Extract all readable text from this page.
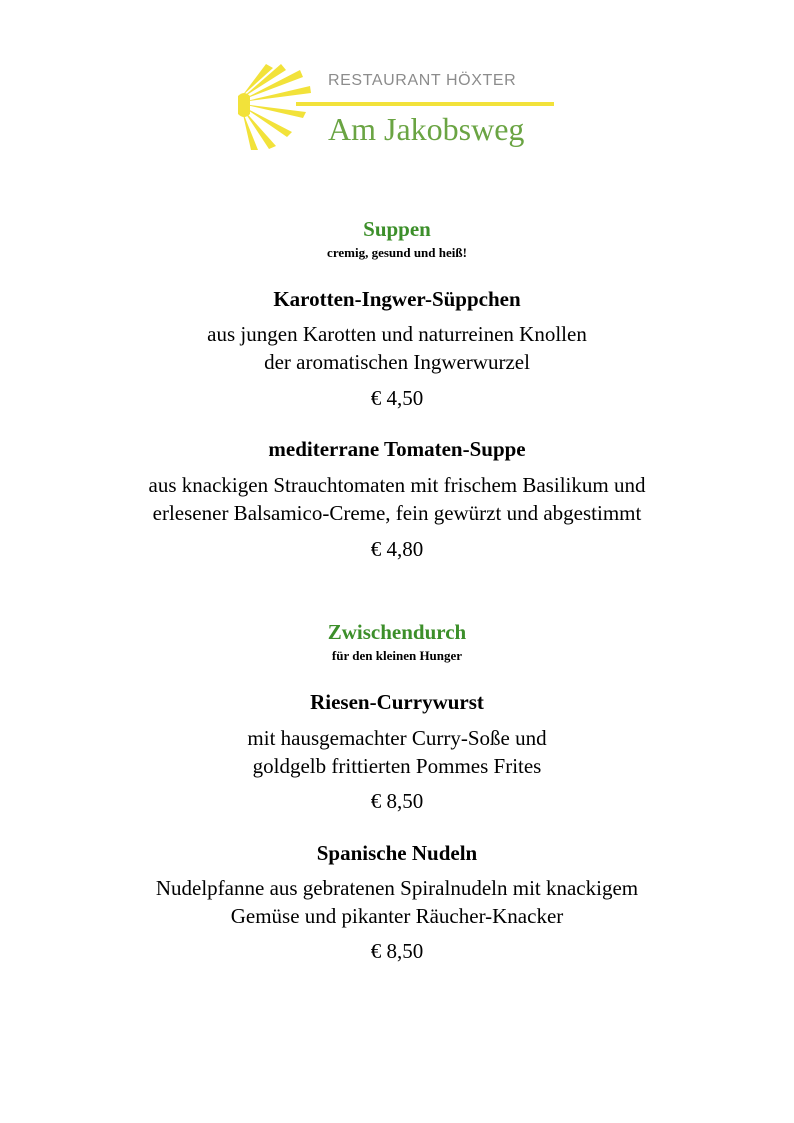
RESTAURANT HÖXTER
Am Jakobsweg
Suppen
cremig, gesund und heiß!
Karotten-Ingwer-Süppchen
aus jungen Karotten und naturreinen Knollen
der aromatischen Ingwerwurzel
€ 4,50
mediterrane Tomaten-Suppe
aus knackigen Strauchtomaten mit frischem Basilikum und
erlesener Balsamico-Creme, fein gewürzt und abgestimmt
€ 4,80
Zwischendurch
für den kleinen Hunger
Riesen-Currywurst
mit hausgemachter Curry-Soße und
goldgelb frittierten Pommes Frites
€ 8,50
Spanische Nudeln
Nudelpfanne aus gebratenen Spiralnudeln mit knackigem
Gemüse und pikanter Räucher-Knacker
€ 8,50
